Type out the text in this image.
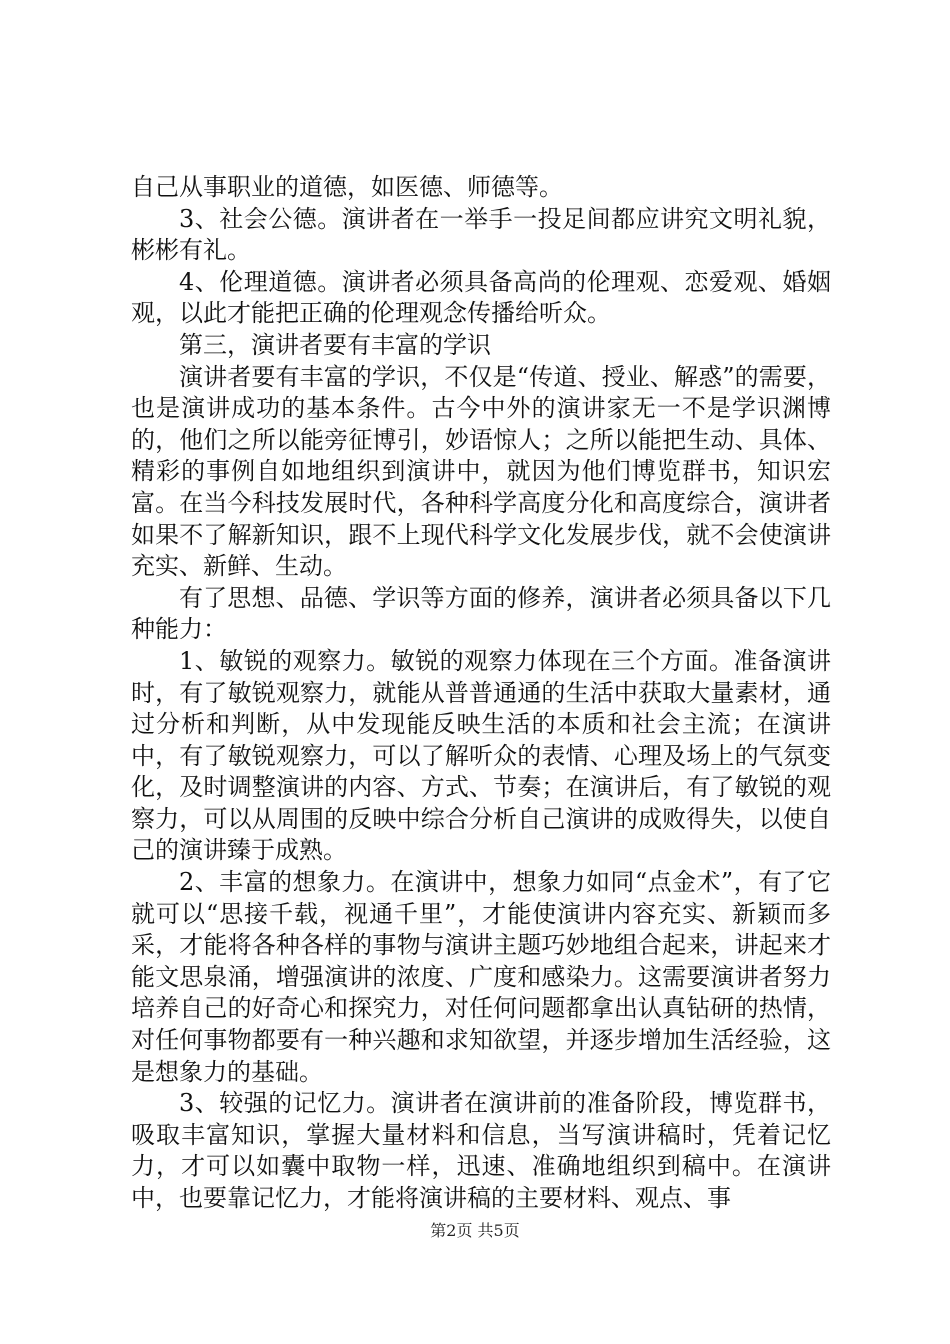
自己从事职业的道德，如医德、师德等。

3、社会公德。演讲者在一举手一投足间都应讲究文明礼貌，彬彬有礼。

4、伦理道德。演讲者必须具备高尚的伦理观、恋爱观、婚姻观，以此才能把正确的伦理观念传播给听众。

第三，演讲者要有丰富的学识

演讲者要有丰富的学识，不仅是“传道、授业、解惑”的需要，也是演讲成功的基本条件。古今中外的演讲家无一不是学识渊博的，他们之所以能旁征博引，妙语惊人；之所以能把生动、具体、精彩的事例自如地组织到演讲中，就因为他们博览群书，知识宏富。在当今科技发展时代，各种科学高度分化和高度综合，演讲者如果不了解新知识，跟不上现代科学文化发展步伐，就不会使演讲充实、新鲜、生动。

有了思想、品德、学识等方面的修养，演讲者必须具备以下几种能力：

1、敏锐的观察力。敏锐的观察力体现在三个方面。准备演讲时，有了敏锐观察力，就能从普普通通的生活中获取大量素材，通过分析和判断，从中发现能反映生活的本质和社会主流；在演讲中，有了敏锐观察力，可以了解听众的表情、心理及场上的气氛变化，及时调整演讲的内容、方式、节奏；在演讲后，有了敏锐的观察力，可以从周围的反映中综合分析自己演讲的成败得失，以使自己的演讲臻于成熟。

2、丰富的想象力。在演讲中，想象力如同“点金术”，有了它就可以“思接千载，视通千里”，才能使演讲内容充实、新颖而多采，才能将各种各样的事物与演讲主题巧妙地组合起来，讲起来才能文思泉涌，增强演讲的浓度、广度和感染力。这需要演讲者努力培养自己的好奇心和探究力，对任何问题都拿出认真钻研的热情，对任何事物都要有一种兴趣和求知欲望，并逐步增加生活经验，这是想象力的基础。

3、较强的记忆力。演讲者在演讲前的准备阶段，博览群书，吸取丰富知识，掌握大量材料和信息，当写演讲稿时，凭着记忆力，才可以如囊中取物一样，迅速、准确地组织到稿中。在演讲中，也要靠记忆力，才能将演讲稿的主要材料、观点、事

第2页 共5页
